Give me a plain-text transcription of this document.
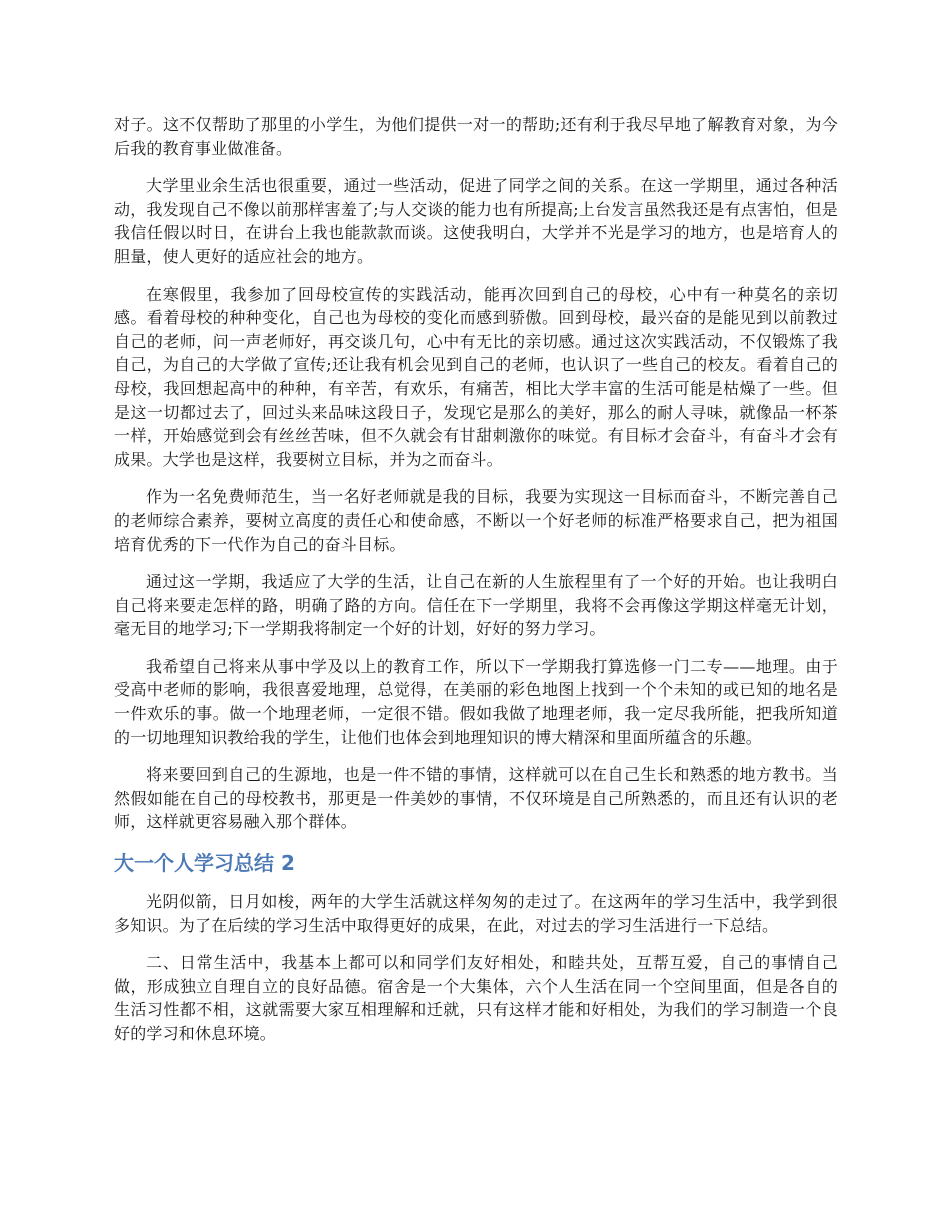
对子。这不仅帮助了那里的小学生，为他们提供一对一的帮助;还有利于我尽早地了解教育对象，为今后我的教育事业做准备。

大学里业余生活也很重要，通过一些活动，促进了同学之间的关系。在这一学期里，通过各种活动，我发现自己不像以前那样害羞了;与人交谈的能力也有所提高;上台发言虽然我还是有点害怕，但是我信任假以时日，在讲台上我也能款款而谈。这使我明白，大学并不光是学习的地方，也是培育人的胆量，使人更好的适应社会的地方。

在寒假里，我参加了回母校宣传的实践活动，能再次回到自己的母校，心中有一种莫名的亲切感。看着母校的种种变化，自己也为母校的变化而感到骄傲。回到母校，最兴奋的是能见到以前教过自己的老师，问一声老师好，再交谈几句，心中有无比的亲切感。通过这次实践活动，不仅锻炼了我自己，为自己的大学做了宣传;还让我有机会见到自己的老师，也认识了一些自己的校友。看着自己的母校，我回想起高中的种种，有辛苦，有欢乐，有痛苦，相比大学丰富的生活可能是枯燥了一些。但是这一切都过去了，回过头来品味这段日子，发现它是那么的美好，那么的耐人寻味，就像品一杯茶一样，开始感觉到会有丝丝苦味，但不久就会有甘甜刺激你的味觉。有目标才会奋斗，有奋斗才会有成果。大学也是这样，我要树立目标，并为之而奋斗。

作为一名免费师范生，当一名好老师就是我的目标，我要为实现这一目标而奋斗，不断完善自己的老师综合素养，要树立高度的责任心和使命感，不断以一个好老师的标准严格要求自己，把为祖国培育优秀的下一代作为自己的奋斗目标。

通过这一学期，我适应了大学的生活，让自己在新的人生旅程里有了一个好的开始。也让我明白自己将来要走怎样的路，明确了路的方向。信任在下一学期里，我将不会再像这学期这样毫无计划，毫无目的地学习;下一学期我将制定一个好的计划，好好的努力学习。

我希望自己将来从事中学及以上的教育工作，所以下一学期我打算选修一门二专——地理。由于受高中老师的影响，我很喜爱地理，总觉得，在美丽的彩色地图上找到一个个未知的或已知的地名是一件欢乐的事。做一个地理老师，一定很不错。假如我做了地理老师，我一定尽我所能，把我所知道的一切地理知识教给我的学生，让他们也体会到地理知识的博大精深和里面所蕴含的乐趣。

将来要回到自己的生源地，也是一件不错的事情，这样就可以在自己生长和熟悉的地方教书。当然假如能在自己的母校教书，那更是一件美妙的事情，不仅环境是自己所熟悉的，而且还有认识的老师，这样就更容易融入那个群体。

大一个人学习总结 2

光阴似箭，日月如梭，两年的大学生活就这样匆匆的走过了。在这两年的学习生活中，我学到很多知识。为了在后续的学习生活中取得更好的成果，在此，对过去的学习生活进行一下总结。

二、日常生活中，我基本上都可以和同学们友好相处，和睦共处，互帮互爱，自己的事情自己做，形成独立自理自立的良好品德。宿舍是一个大集体，六个人生活在同一个空间里面，但是各自的生活习性都不相，这就需要大家互相理解和迁就，只有这样才能和好相处，为我们的学习制造一个良好的学习和休息环境。
